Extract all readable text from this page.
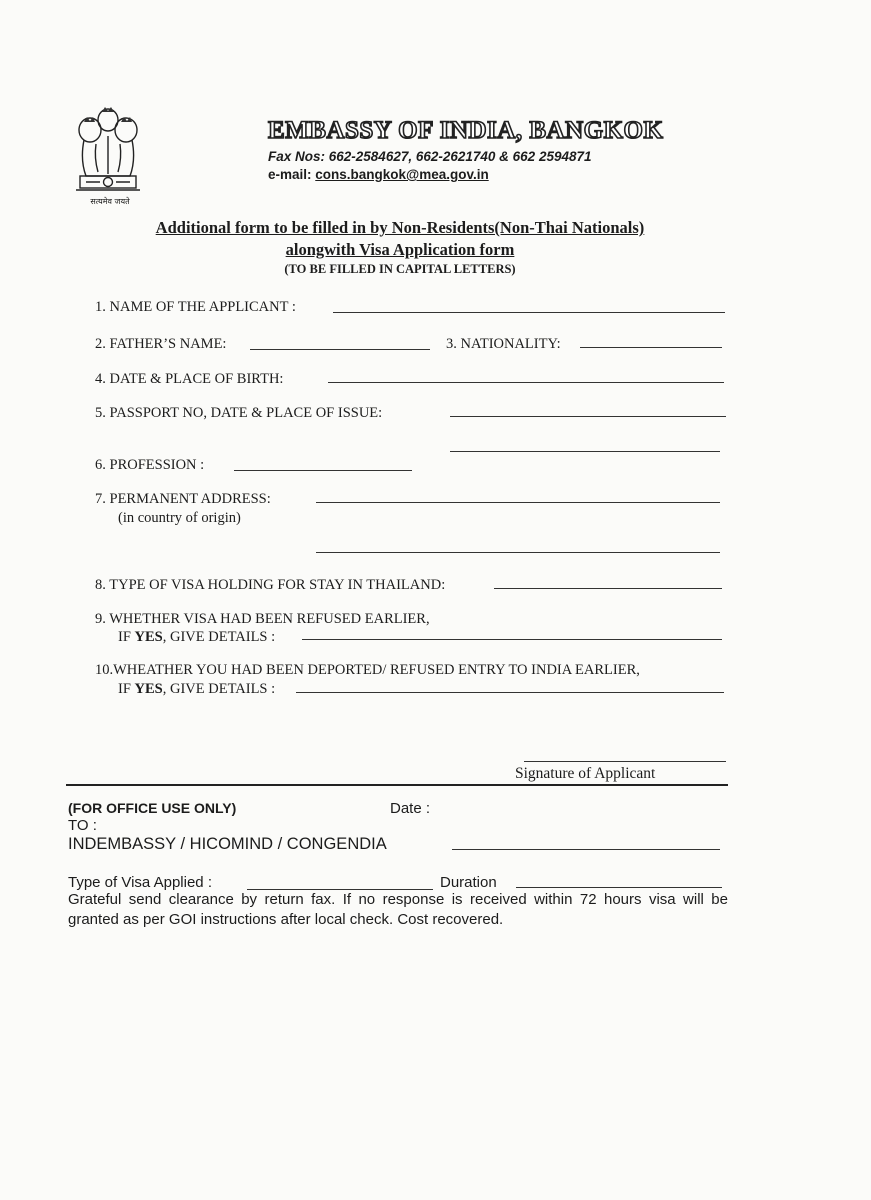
सत्यमेव जयते
EMBASSY OF INDIA, BANGKOK
Fax Nos: 662-2584627, 662-2621740 & 662 2594871
e-mail: cons.bangkok@mea.gov.in
Additional form to be filled in by Non-Residents(Non-Thai Nationals)
alongwith Visa Application form
(TO BE FILLED IN CAPITAL LETTERS)
1. NAME OF THE APPLICANT :
2. FATHER’S NAME:	3. NATIONALITY:
4. DATE & PLACE OF BIRTH:
5. PASSPORT NO, DATE & PLACE OF ISSUE:
6. PROFESSION :
7. PERMANENT ADDRESS:
(in country of origin)
8. TYPE OF VISA HOLDING FOR STAY IN THAILAND:
9. WHETHER VISA HAD BEEN REFUSED EARLIER,
IF YES, GIVE DETAILS :
10.WHEATHER YOU HAD BEEN DEPORTED/ REFUSED ENTRY TO INDIA EARLIER,
IF YES, GIVE DETAILS :
Signature of Applicant
(FOR OFFICE USE ONLY)	Date :
TO :
INDEMBASSY / HICOMIND / CONGENDIA
Type of Visa Applied :	Duration
Grateful send clearance by return fax. If no response is received within 72 hours visa will be granted as per GOI instructions after local check. Cost recovered.
